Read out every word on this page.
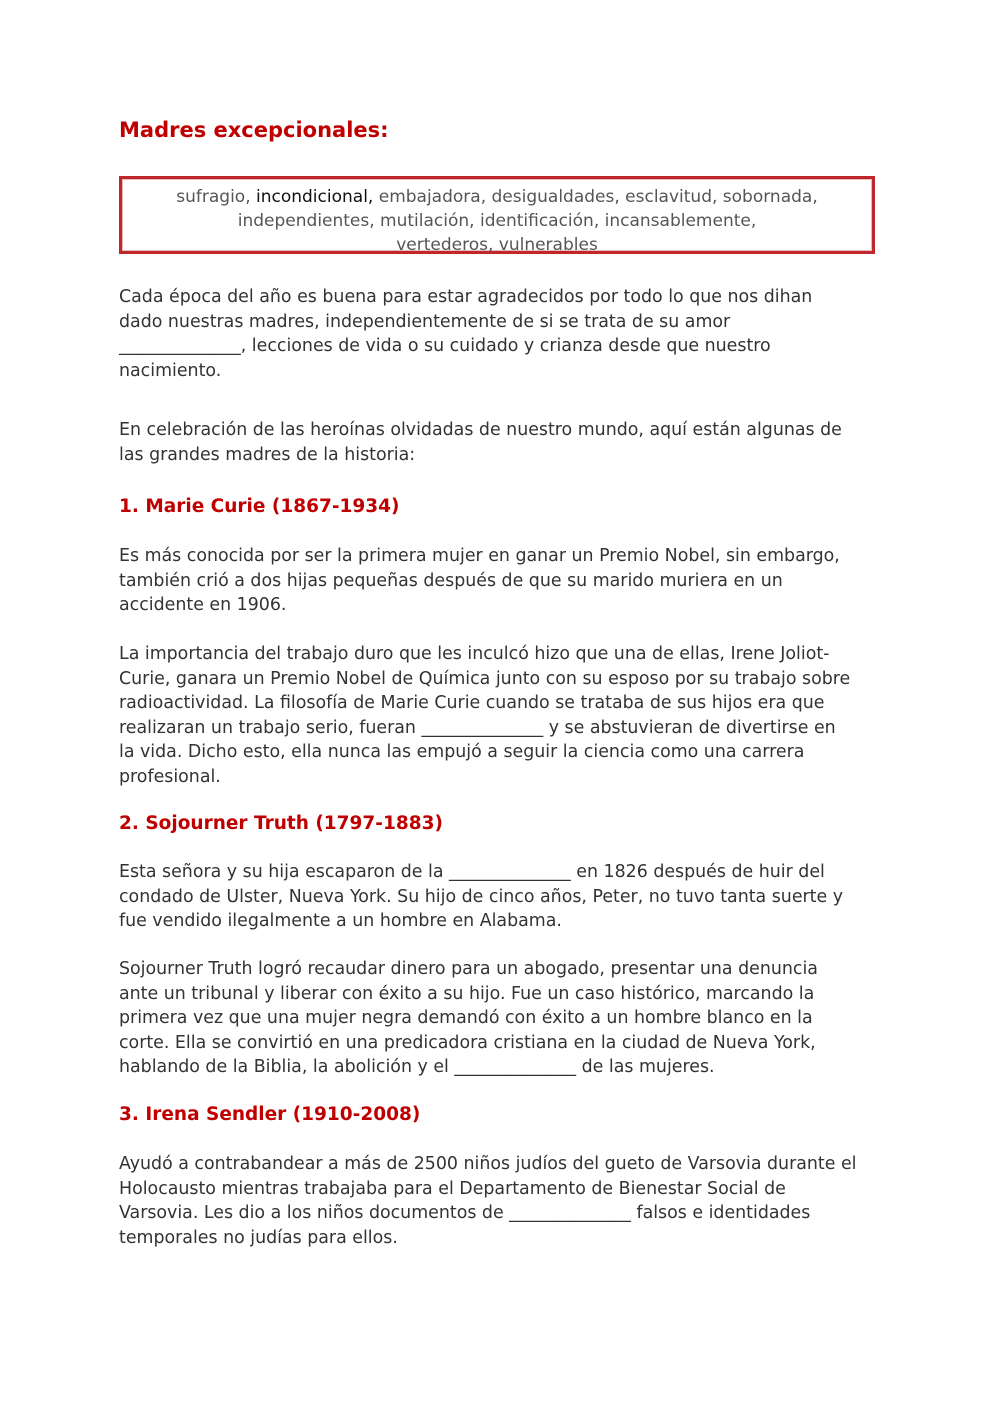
Madres excepcionales:
sufragio, incondicional, embajadora, desigualdades, esclavitud, sobornada,
independientes, mutilación, identificación, incansablemente,
vertederos, vulnerables

Cada época del año es buena para estar agradecidos por todo lo que nos dihan
dado nuestras madres, independientemente de si se trata de su amor
______________, lecciones de vida o su cuidado y crianza desde que nuestro
nacimiento.

En celebración de las heroínas olvidadas de nuestro mundo, aquí están algunas de
las grandes madres de la historia:

1. Marie Curie (1867-1934)

Es más conocida por ser la primera mujer en ganar un Premio Nobel, sin embargo,
también crió a dos hijas pequeñas después de que su marido muriera en un
accidente en 1906.

La importancia del trabajo duro que les inculcó hizo que una de ellas, Irene Joliot-
Curie, ganara un Premio Nobel de Química junto con su esposo por su trabajo sobre
radioactividad. La filosofía de Marie Curie cuando se trataba de sus hijos era que
realizaran un trabajo serio, fueran ______________ y se abstuvieran de divertirse en
la vida. Dicho esto, ella nunca las empujó a seguir la ciencia como una carrera
profesional.

2. Sojourner Truth (1797-1883)

Esta señora y su hija escaparon de la ______________ en 1826 después de huir del
condado de Ulster, Nueva York. Su hijo de cinco años, Peter, no tuvo tanta suerte y
fue vendido ilegalmente a un hombre en Alabama.

Sojourner Truth logró recaudar dinero para un abogado, presentar una denuncia
ante un tribunal y liberar con éxito a su hijo. Fue un caso histórico, marcando la
primera vez que una mujer negra demandó con éxito a un hombre blanco en la
corte. Ella se convirtió en una predicadora cristiana en la ciudad de Nueva York,
hablando de la Biblia, la abolición y el ______________ de las mujeres.

3. Irena Sendler (1910-2008)

Ayudó a contrabandear a más de 2500 niños judíos del gueto de Varsovia durante el
Holocausto mientras trabajaba para el Departamento de Bienestar Social de
Varsovia. Les dio a los niños documentos de ______________ falsos e identidades
temporales no judías para ellos.
